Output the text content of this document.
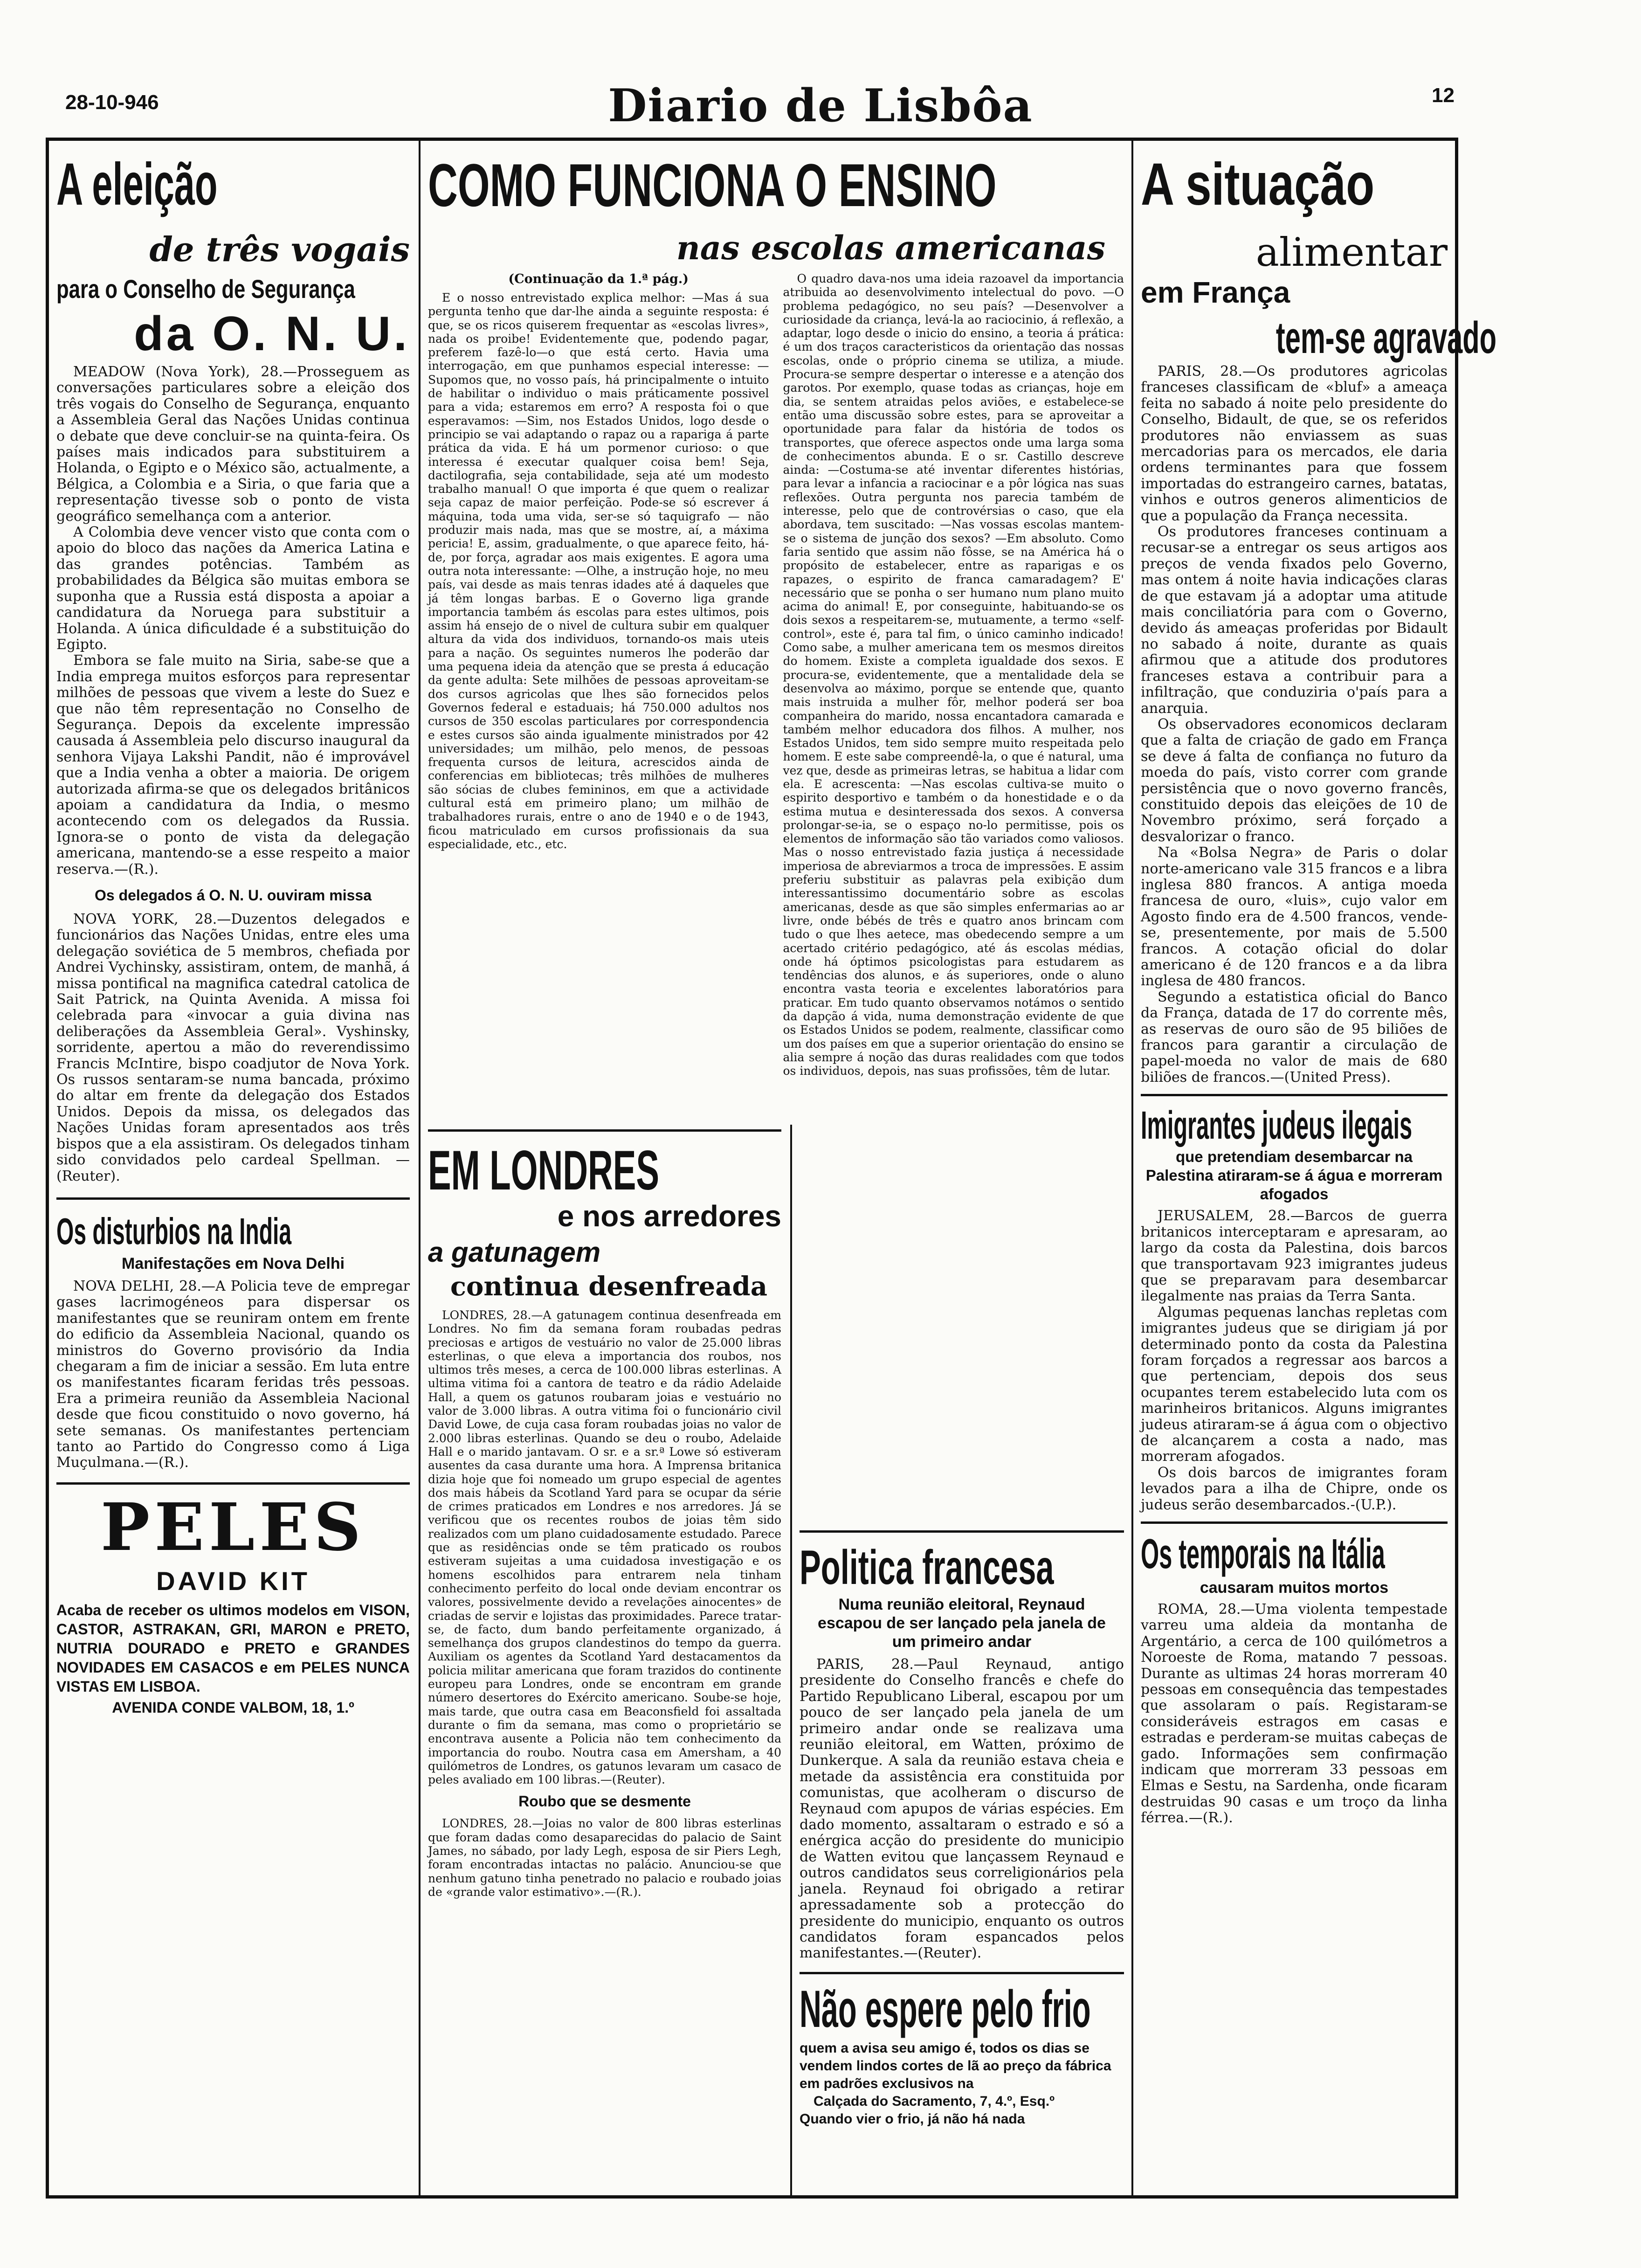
28-10-946	Diario de Lisbôa	12
A eleição
de três vogais
para o Conselho de Segurança
da O. N. U.

MEADOW (Nova York), 28.—Prosseguem as conversações particulares sobre a eleição dos três vogais do Conselho de Segurança, enquanto a Assembleia Geral das Nações Unidas continua o debate que deve concluir-se na quinta-feira. Os países mais indicados para substituirem a Holanda, o Egipto e o México são, actualmente, a Bélgica, a Colombia e a Siria, o que faria que a representação tivesse sob o ponto de vista geográfico semelhança com a anterior.

A Colombia deve vencer visto que conta com o apoio do bloco das nações da America Latina e das grandes potências. Também as probabilidades da Bélgica são muitas embora se suponha que a Russia está disposta a apoiar a candidatura da Noruega para substituir a Holanda. A única dificuldade é a substituição do Egipto.

Embora se fale muito na Siria, sabe-se que a India emprega muitos esforços para representar milhões de pessoas que vivem a leste do Suez e que não têm representação no Conselho de Segurança. Depois da excelente impressão causada á Assembleia pelo discurso inaugural da senhora Vijaya Lakshi Pandit, não é improvável que a India venha a obter a maioria. De origem autorizada afirma-se que os delegados britânicos apoiam a candidatura da India, o mesmo acontecendo com os delegados da Russia. Ignora-se o ponto de vista da delegação americana, mantendo-se a esse respeito a maior reserva.—(R.).

Os delegados á O. N. U. ouviram missa

NOVA YORK, 28.—Duzentos delegados e funcionários das Nações Unidas, entre eles uma delegação soviética de 5 membros, chefiada por Andrei Vychinsky, assistiram, ontem, de manhã, á missa pontifical na magnifica catedral catolica de Sait Patrick, na Quinta Avenida. A missa foi celebrada para «invocar a guia divina nas deliberações da Assembleia Geral». Vyshinsky, sorridente, apertou a mão do reverendissimo Francis McIntire, bispo coadjutor de Nova York. Os russos sentaram-se numa bancada, próximo do altar em frente da delegação dos Estados Unidos. Depois da missa, os delegados das Nações Unidas foram apresentados aos três bispos que a ela assistiram. Os delegados tinham sido convidados pelo cardeal Spellman. — (Reuter).

Os disturbios na India
Manifestações em Nova Delhi

NOVA DELHI, 28.—A Policia teve de empregar gases lacrimogéneos para dispersar os manifestantes que se reuniram ontem em frente do edificio da Assembleia Nacional, quando os ministros do Governo provisório da India chegaram a fim de iniciar a sessão. Em luta entre os manifestantes ficaram feridas três pessoas. Era a primeira reunião da Assembleia Nacional desde que ficou constituido o novo governo, há sete semanas. Os manifestantes pertenciam tanto ao Partido do Congresso como á Liga Muçulmana.—(R.).

PELES
DAVID KIT
Acaba de receber os ultimos modelos em VISON, CASTOR, ASTRAKAN, GRI, MARON e PRETO, NUTRIA DOURADO e PRETO e GRANDES NOVIDADES EM CASACOS e em PELES NUNCA VISTAS EM LISBOA.
AVENIDA CONDE VALBOM, 18, 1.º
COMO FUNCIONA O ENSINO
nas escolas americanas
(Continuação da 1.ª pág.)

E o nosso entrevistado explica melhor: —Mas á sua pergunta tenho que dar-lhe ainda a seguinte resposta: é que, se os ricos quiserem frequentar as «escolas livres», nada os proibe! Evidentemente que, podendo pagar, preferem fazê-lo—o que está certo. Havia uma interrogação, em que punhamos especial interesse: —Supomos que, no vosso país, há principalmente o intuito de habilitar o individuo o mais práticamente possivel para a vida; estaremos em erro? A resposta foi o que esperavamos: —Sim, nos Estados Unidos, logo desde o principio se vai adaptando o rapaz ou a rapariga á parte prática da vida. E há um pormenor curioso: o que interessa é executar qualquer coisa bem! Seja, dactilografia, seja contabilidade, seja até um modesto trabalho manual! O que importa é que quem o realizar seja capaz de maior perfeição. Pode-se só escrever á máquina, toda uma vida, ser-se só taquigrafo — não produzir mais nada, mas que se mostre, aí, a máxima pericia! E, assim, gradualmente, o que aparece feito, há-de, por força, agradar aos mais exigentes. E agora uma outra nota interessante: —Olhe, a instrução hoje, no meu país, vai desde as mais tenras idades até á daqueles que já têm longas barbas. E o Governo liga grande importancia também ás escolas para estes ultimos, pois assim há ensejo de o nivel de cultura subir em qualquer altura da vida dos individuos, tornando-os mais uteis para a nação. Os seguintes numeros lhe poderão dar uma pequena ideia da atenção que se presta á educação da gente adulta: Sete milhões de pessoas aproveitam-se dos cursos agricolas que lhes são fornecidos pelos Governos federal e estaduais; há 750.000 adultos nos cursos de 350 escolas particulares por correspondencia e estes cursos são ainda igualmente ministrados por 42 universidades; um milhão, pelo menos, de pessoas frequenta cursos de leitura, acrescidos ainda de conferencias em bibliotecas; três milhões de mulheres são sócias de clubes femininos, em que a actividade cultural está em primeiro plano; um milhão de trabalhadores rurais, entre o ano de 1940 e o de 1943, ficou matriculado em cursos profissionais da sua especialidade, etc., etc.

O quadro dava-nos uma ideia razoavel da importancia atribuida ao desenvolvimento intelectual do povo. —O problema pedagógico, no seu país? —Desenvolver a curiosidade da criança, levá-la ao raciocinio, á reflexão, a adaptar, logo desde o inicio do ensino, a teoria á prática: é um dos traços caracteristicos da orientação das nossas escolas, onde o próprio cinema se utiliza, a miude. Procura-se sempre despertar o interesse e a atenção dos garotos. Por exemplo, quase todas as crianças, hoje em dia, se sentem atraidas pelos aviões, e estabelece-se então uma discussão sobre estes, para se aproveitar a oportunidade para falar da história de todos os transportes, que oferece aspectos onde uma larga soma de conhecimentos abunda. E o sr. Castillo descreve ainda: —Costuma-se até inventar diferentes histórias, para levar a infancia a raciocinar e a pôr lógica nas suas reflexões. Outra pergunta nos parecia também de interesse, pelo que de controvérsias o caso, que ela abordava, tem suscitado: —Nas vossas escolas mantem-se o sistema de junção dos sexos? —Em absoluto. Como faria sentido que assim não fôsse, se na América há o propósito de estabelecer, entre as raparigas e os rapazes, o espirito de franca camaradagem? E' necessário que se ponha o ser humano num plano muito acima do animal! E, por conseguinte, habituando-se os dois sexos a respeitarem-se, mutuamente, a termo «self-control», este é, para tal fim, o único caminho indicado! Como sabe, a mulher americana tem os mesmos direitos do homem. Existe a completa igualdade dos sexos. E procura-se, evidentemente, que a mentalidade dela se desenvolva ao máximo, porque se entende que, quanto mais instruida a mulher fôr, melhor poderá ser boa companheira do marido, nossa encantadora camarada e também melhor educadora dos filhos. A mulher, nos Estados Unidos, tem sido sempre muito respeitada pelo homem. E este sabe compreendê-la, o que é natural, uma vez que, desde as primeiras letras, se habitua a lidar com ela. E acrescenta: —Nas escolas cultiva-se muito o espirito desportivo e também o da honestidade e o da estima mutua e desinteressada dos sexos. A conversa prolongar-se-ia, se o espaço no-lo permitisse, pois os elementos de informação são tão variados como valiosos. Mas o nosso entrevistado fazia justiça á necessidade imperiosa de abreviarmos a troca de impressões. E assim preferiu substituir as palavras pela exibição dum interessantissimo documentário sobre as escolas americanas, desde as que são simples enfermarias ao ar livre, onde bébés de três e quatro anos brincam com tudo o que lhes aetece, mas obedecendo sempre a um acertado critério pedagógico, até ás escolas médias, onde há óptimos psicologistas para estudarem as tendências dos alunos, e ás superiores, onde o aluno encontra vasta teoria e excelentes laboratórios para praticar. Em tudo quanto observamos notámos o sentido da dapção á vida, numa demonstração evidente de que os Estados Unidos se podem, realmente, classificar como um dos países em que a superior orientação do ensino se alia sempre á noção das duras realidades com que todos os individuos, depois, nas suas profissões, têm de lutar.

EM LONDRES
e nos arredores
a gatunagem
continua desenfreada

LONDRES, 28.—A gatunagem continua desenfreada em Londres. No fim da semana foram roubadas pedras preciosas e artigos de vestuário no valor de 25.000 libras esterlinas, o que eleva a importancia dos roubos, nos ultimos três meses, a cerca de 100.000 libras esterlinas. A ultima vitima foi a cantora de teatro e da rádio Adelaide Hall, a quem os gatunos roubaram joias e vestuário no valor de 3.000 libras. A outra vitima foi o funcionário civil David Lowe, de cuja casa foram roubadas joias no valor de 2.000 libras esterlinas. Quando se deu o roubo, Adelaide Hall e o marido jantavam. O sr. e a sr.ª Lowe só estiveram ausentes da casa durante uma hora. A Imprensa britanica dizia hoje que foi nomeado um grupo especial de agentes dos mais hábeis da Scotland Yard para se ocupar da série de crimes praticados em Londres e nos arredores. Já se verificou que os recentes roubos de joias têm sido realizados com um plano cuidadosamente estudado. Parece que as residências onde se têm praticado os roubos estiveram sujeitas a uma cuidadosa investigação e os homens escolhidos para entrarem nela tinham conhecimento perfeito do local onde deviam encontrar os valores, possivelmente devido a revelações ainocentes» de criadas de servir e lojistas das proximidades. Parece tratar-se, de facto, dum bando perfeitamente organizado, á semelhança dos grupos clandestinos do tempo da guerra. Auxiliam os agentes da Scotland Yard destacamentos da policia militar americana que foram trazidos do continente europeu para Londres, onde se encontram em grande número desertores do Exército americano. Soube-se hoje, mais tarde, que outra casa em Beaconsfield foi assaltada durante o fim da semana, mas como o proprietário se encontrava ausente a Policia não tem conhecimento da importancia do roubo. Noutra casa em Amersham, a 40 quilómetros de Londres, os gatunos levaram um casaco de peles avaliado em 100 libras.—(Reuter).

Roubo que se desmente

LONDRES, 28.—Joias no valor de 800 libras esterlinas que foram dadas como desaparecidas do palacio de Saint James, no sábado, por lady Legh, esposa de sir Piers Legh, foram encontradas intactas no palácio. Anunciou-se que nenhum gatuno tinha penetrado no palacio e roubado joias de «grande valor estimativo».—(R.).

Politica francesa
Numa reunião eleitoral, Reynaud escapou de ser lançado pela janela de um primeiro andar

PARIS, 28.—Paul Reynaud, antigo presidente do Conselho francês e chefe do Partido Republicano Liberal, escapou por um pouco de ser lançado pela janela de um primeiro andar onde se realizava uma reunião eleitoral, em Watten, próximo de Dunkerque. A sala da reunião estava cheia e metade da assistência era constituida por comunistas, que acolheram o discurso de Reynaud com apupos de várias espécies. Em dado momento, assaltaram o estrado e só a enérgica acção do presidente do municipio de Watten evitou que lançassem Reynaud e outros candidatos seus correligionários pela janela. Reynaud foi obrigado a retirar apressadamente sob a protecção do presidente do municipio, enquanto os outros candidatos foram espancados pelos manifestantes.—(Reuter).

Não espere pelo frio
quem a avisa seu amigo é, todos os dias se vendem lindos cortes de lã ao preço da fábrica em padrões exclusivos na
Calçada do Sacramento, 7, 4.º, Esq.º
Quando vier o frio, já não há nada
A situação
alimentar
em França
tem-se agravado

PARIS, 28.—Os produtores agricolas franceses classificam de «bluf» a ameaça feita no sabado á noite pelo presidente do Conselho, Bidault, de que, se os referidos produtores não enviassem as suas mercadorias para os mercados, ele daria ordens terminantes para que fossem importadas do estrangeiro carnes, batatas, vinhos e outros generos alimenticios de que a população da França necessita.

Os produtores franceses continuam a recusar-se a entregar os seus artigos aos preços de venda fixados pelo Governo, mas ontem á noite havia indicações claras de que estavam já a adoptar uma atitude mais conciliatória para com o Governo, devido ás ameaças proferidas por Bidault no sabado á noite, durante as quais afirmou que a atitude dos produtores franceses estava a contribuir para a infiltração, que conduziria o'país para a anarquia.

Os observadores economicos declaram que a falta de criação de gado em França se deve á falta de confiança no futuro da moeda do país, visto correr com grande persistência que o novo governo francês, constituido depois das eleições de 10 de Novembro próximo, será forçado a desvalorizar o franco.

Na «Bolsa Negra» de Paris o dolar norte-americano vale 315 francos e a libra inglesa 880 francos. A antiga moeda francesa de ouro, «luis», cujo valor em Agosto findo era de 4.500 francos, vende-se, presentemente, por mais de 5.500 francos. A cotação oficial do dolar americano é de 120 francos e a da libra inglesa de 480 francos.

Segundo a estatistica oficial do Banco da França, datada de 17 do corrente mês, as reservas de ouro são de 95 biliões de francos para garantir a circulação de papel-moeda no valor de mais de 680 biliões de francos.—(United Press).

Imigrantes judeus ilegais
que pretendiam desembarcar na Palestina atiraram-se á água e morreram afogados

JERUSALEM, 28.—Barcos de guerra britanicos interceptaram e apresaram, ao largo da costa da Palestina, dois barcos que transportavam 923 imigrantes judeus que se preparavam para desembarcar ilegalmente nas praias da Terra Santa.

Algumas pequenas lanchas repletas com imigrantes judeus que se dirigiam já por determinado ponto da costa da Palestina foram forçados a regressar aos barcos a que pertenciam, depois dos seus ocupantes terem estabelecido luta com os marinheiros britanicos. Alguns imigrantes judeus atiraram-se á água com o objectivo de alcançarem a costa a nado, mas morreram afogados.

Os dois barcos de imigrantes foram levados para a ilha de Chipre, onde os judeus serão desembarcados.-(U.P.).

Os temporais na Itália
causaram muitos mortos

ROMA, 28.—Uma violenta tempestade varreu uma aldeia da montanha de Argentário, a cerca de 100 quilómetros a Noroeste de Roma, matando 7 pessoas. Durante as ultimas 24 horas morreram 40 pessoas em consequência das tempestades que assolaram o país. Registaram-se consideráveis estragos em casas e estradas e perderam-se muitas cabeças de gado. Informações sem confirmação indicam que morreram 33 pessoas em Elmas e Sestu, na Sardenha, onde ficaram destruidas 90 casas e um troço da linha férrea.—(R.).
